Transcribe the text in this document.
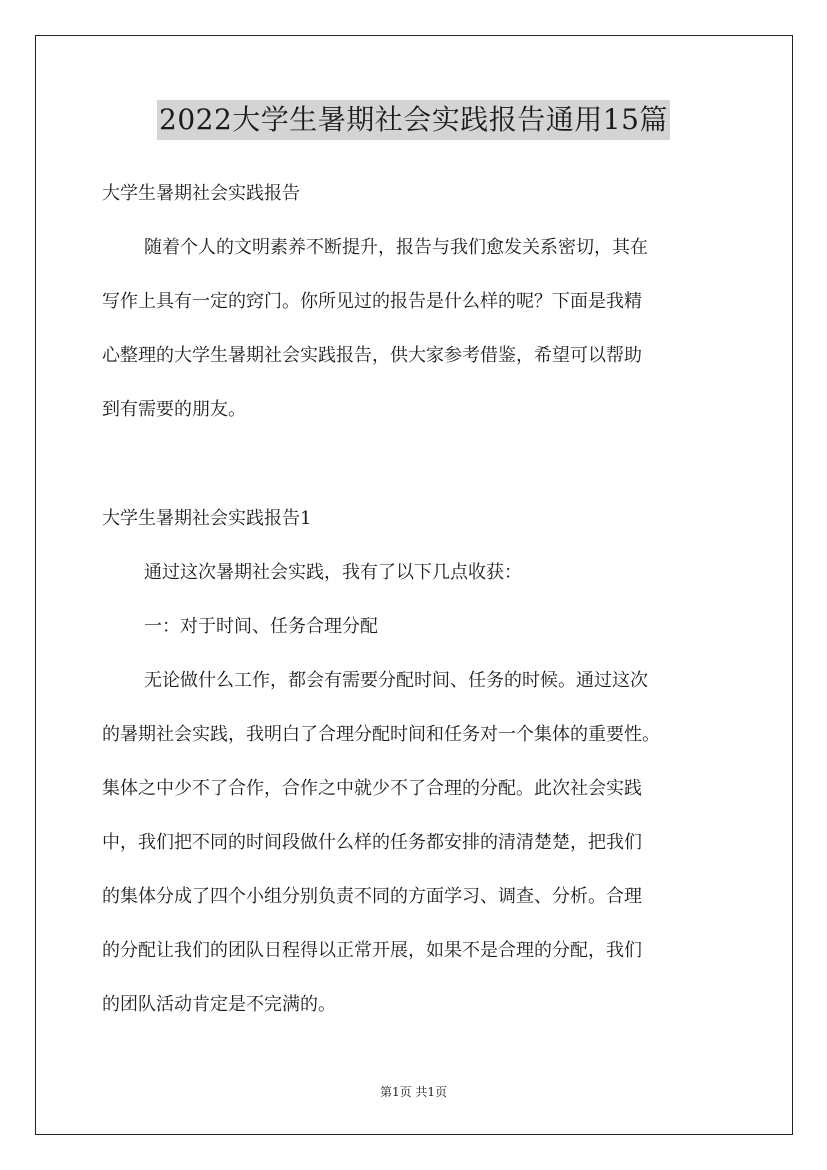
2022大学生暑期社会实践报告通用15篇
大学生暑期社会实践报告
随着个人的文明素养不断提升，报告与我们愈发关系密切，其在
写作上具有一定的窍门。你所见过的报告是什么样的呢？下面是我精
心整理的大学生暑期社会实践报告，供大家参考借鉴，希望可以帮助
到有需要的朋友。
大学生暑期社会实践报告1
通过这次暑期社会实践，我有了以下几点收获：
一：对于时间、任务合理分配
无论做什么工作，都会有需要分配时间、任务的时候。通过这次
的暑期社会实践，我明白了合理分配时间和任务对一个集体的重要性。
集体之中少不了合作，合作之中就少不了合理的分配。此次社会实践
中，我们把不同的时间段做什么样的任务都安排的清清楚楚，把我们
的集体分成了四个小组分别负责不同的方面学习、调查、分析。合理
的分配让我们的团队日程得以正常开展，如果不是合理的分配，我们
的团队活动肯定是不完满的。
第1页 共1页
